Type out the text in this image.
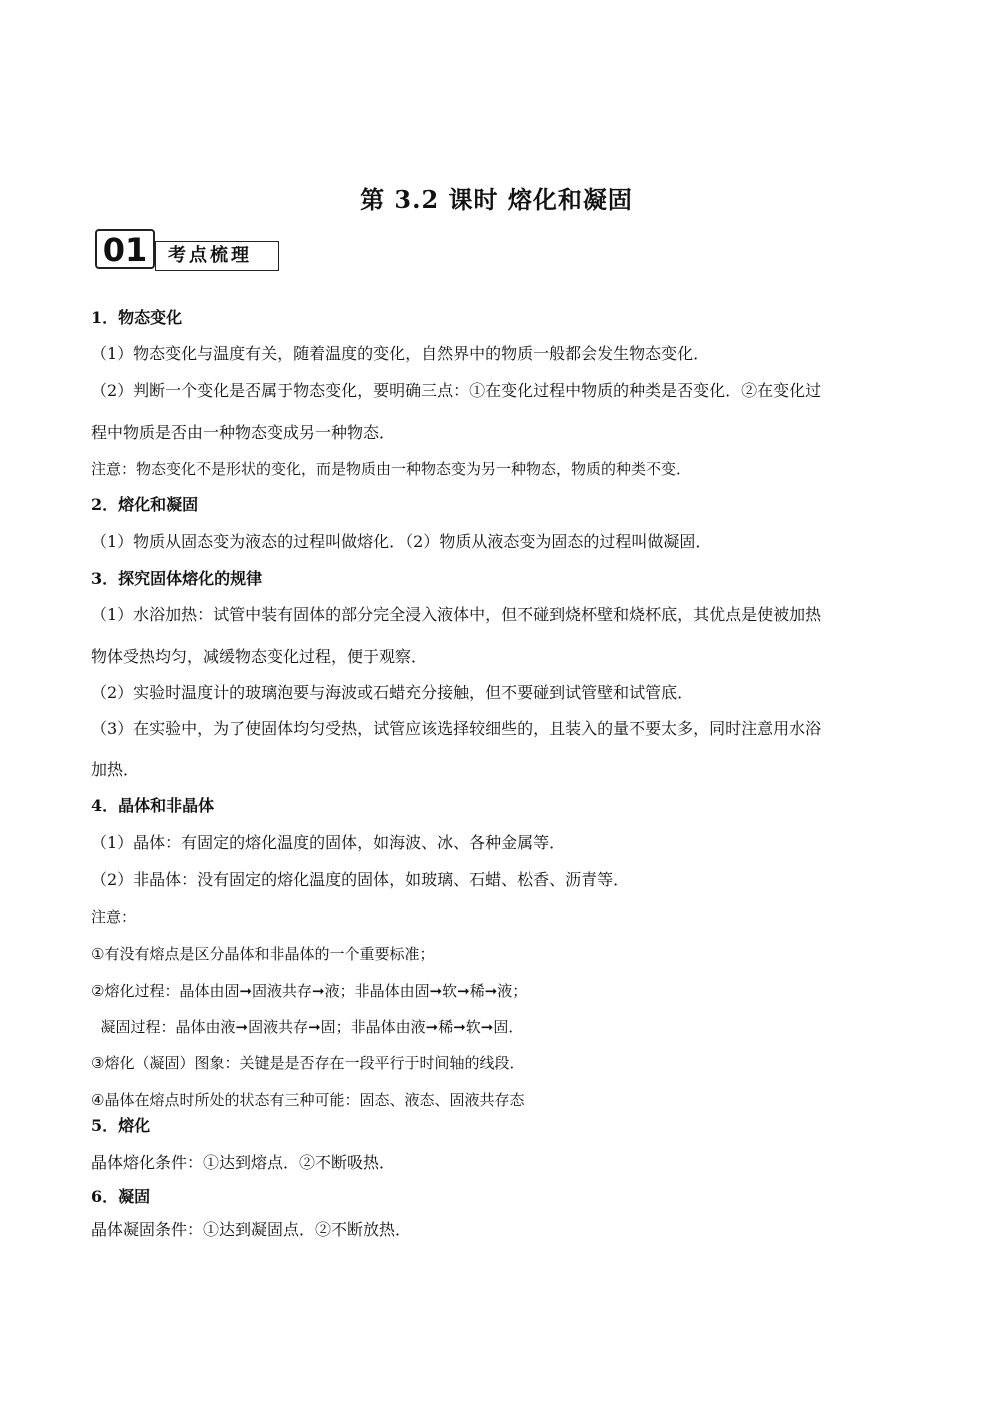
第 3.2 课时 熔化和凝固
01	考点梳理
1．物态变化
（1）物态变化与温度有关，随着温度的变化，自然界中的物质一般都会发生物态变化．
（2）判断一个变化是否属于物态变化，要明确三点：①在变化过程中物质的种类是否变化．②在变化过
程中物质是否由一种物态变成另一种物态．
注意：物态变化不是形状的变化，而是物质由一种物态变为另一种物态，物质的种类不变．
2．熔化和凝固
（1）物质从固态变为液态的过程叫做熔化．（2）物质从液态变为固态的过程叫做凝固．
3．探究固体熔化的规律
（1）水浴加热：试管中装有固体的部分完全浸入液体中，但不碰到烧杯壁和烧杯底，其优点是使被加热
物体受热均匀，减缓物态变化过程，便于观察．
（2）实验时温度计的玻璃泡要与海波或石蜡充分接触，但不要碰到试管壁和试管底．
（3）在实验中，为了使固体均匀受热，试管应该选择较细些的，且装入的量不要太多，同时注意用水浴
加热．
4．晶体和非晶体
（1）晶体：有固定的熔化温度的固体，如海波、冰、各种金属等．
（2）非晶体：没有固定的熔化温度的固体，如玻璃、石蜡、松香、沥青等．
注意：
①有没有熔点是区分晶体和非晶体的一个重要标准；
②熔化过程：晶体由固➞固液共存➞液；非晶体由固➞软➞稀➞液；
凝固过程：晶体由液➞固液共存➞固；非晶体由液➞稀➞软➞固．
③熔化（凝固）图象：关键是是否存在一段平行于时间轴的线段．
④晶体在熔点时所处的状态有三种可能：固态、液态、固液共存态
5．熔化
晶体熔化条件：①达到熔点．②不断吸热．
6．凝固
晶体凝固条件：①达到凝固点．②不断放热．
